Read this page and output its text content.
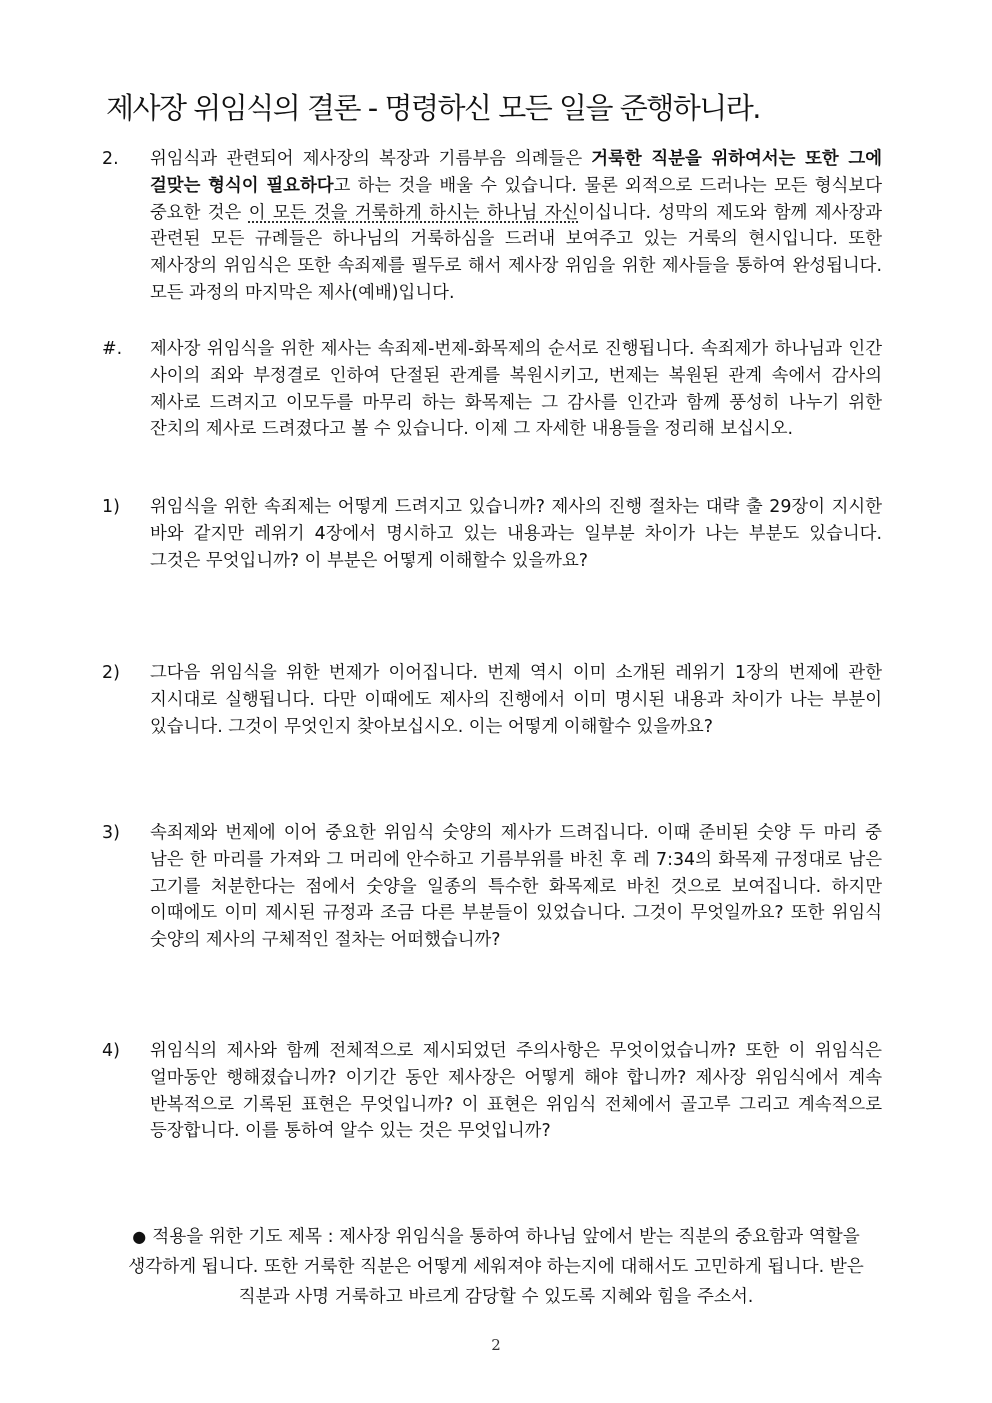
제사장 위임식의 결론 - 명령하신 모든 일을 준행하니라.
2. 위임식과 관련되어 제사장의 복장과 기름부음 의례들은 거룩한 직분을 위하여서는 또한 그에 걸맞는 형식이 필요하다고 하는 것을 배울 수 있습니다. 물론 외적으로 드러나는 모든 형식보다 중요한 것은 이 모든 것을 거룩하게 하시는 하나님 자신이십니다. 성막의 제도와 함께 제사장과 관련된 모든 규례들은 하나님의 거룩하심을 드러내 보여주고 있는 거룩의 현시입니다. 또한 제사장의 위임식은 또한 속죄제를 필두로 해서 제사장 위임을 위한 제사들을 통하여 완성됩니다. 모든 과정의 마지막은 제사(예배)입니다.
#. 제사장 위임식을 위한 제사는 속죄제-번제-화목제의 순서로 진행됩니다. 속죄제가 하나님과 인간 사이의 죄와 부정결로 인하여 단절된 관계를 복원시키고, 번제는 복원된 관계 속에서 감사의 제사로 드려지고 이모두를 마무리 하는 화목제는 그 감사를 인간과 함께 풍성히 나누기 위한 잔치의 제사로 드려졌다고 볼 수 있습니다. 이제 그 자세한 내용들을 정리해 보십시오.
1) 위임식을 위한 속죄제는 어떻게 드려지고 있습니까? 제사의 진행 절차는 대략 출 29장이 지시한 바와 같지만 레위기 4장에서 명시하고 있는 내용과는 일부분 차이가 나는 부분도 있습니다. 그것은 무엇입니까? 이 부분은 어떻게 이해할수 있을까요?
2) 그다음 위임식을 위한 번제가 이어집니다. 번제 역시 이미 소개된 레위기 1장의 번제에 관한 지시대로 실행됩니다. 다만 이때에도 제사의 진행에서 이미 명시된 내용과 차이가 나는 부분이 있습니다. 그것이 무엇인지 찾아보십시오. 이는 어떻게 이해할수 있을까요?
3) 속죄제와 번제에 이어 중요한 위임식 숫양의 제사가 드려집니다. 이때 준비된 숫양 두 마리 중 남은 한 마리를 가져와 그 머리에 안수하고 기름부위를 바친 후 레 7:34의 화목제 규정대로 남은 고기를 처분한다는 점에서 숫양을 일종의 특수한 화목제로 바친 것으로 보여집니다. 하지만 이때에도 이미 제시된 규정과 조금 다른 부분들이 있었습니다. 그것이 무엇일까요? 또한 위임식 숫양의 제사의 구체적인 절차는 어떠했습니까?
4) 위임식의 제사와 함께 전체적으로 제시되었던 주의사항은 무엇이었습니까? 또한 이 위임식은 얼마동안 행해졌습니까? 이기간 동안 제사장은 어떻게 해야 합니까? 제사장 위임식에서 계속 반복적으로 기록된 표현은 무엇입니까? 이 표현은 위임식 전체에서 골고루 그리고 계속적으로 등장합니다. 이를 통하여 알수 있는 것은 무엇입니까?
● 적용을 위한 기도 제목 : 제사장 위임식을 통하여 하나님 앞에서 받는 직분의 중요함과 역할을 생각하게 됩니다. 또한 거룩한 직분은 어떻게 세워져야 하는지에 대해서도 고민하게 됩니다. 받은 직분과 사명 거룩하고 바르게 감당할 수 있도록 지혜와 힘을 주소서.
2
